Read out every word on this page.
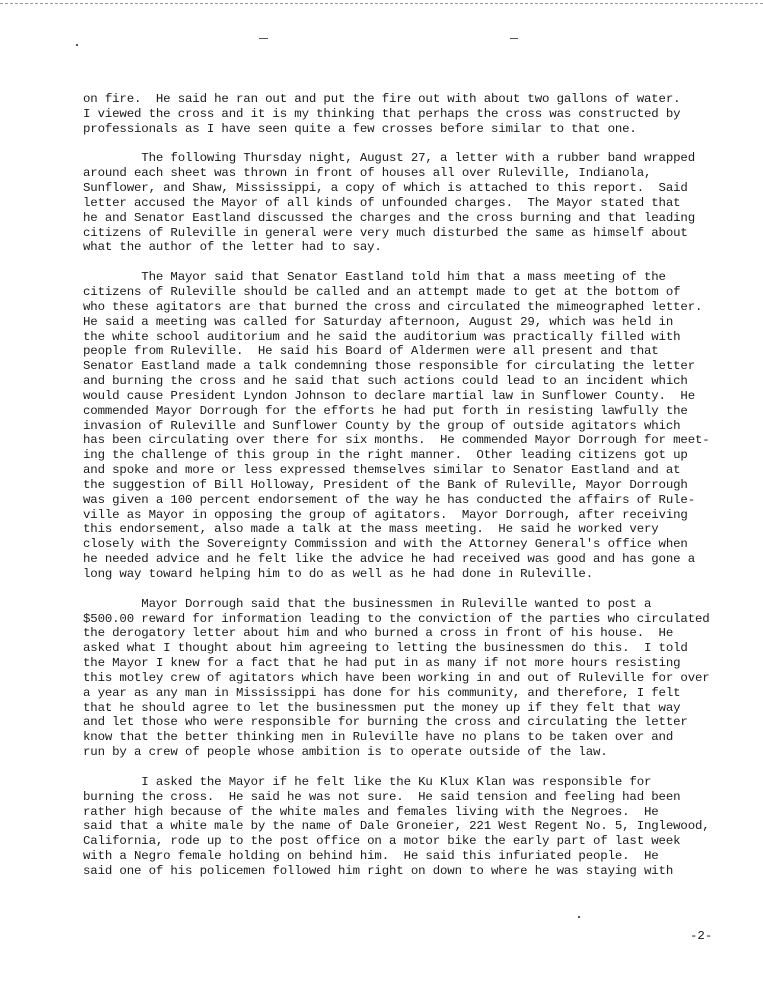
on fire.  He said he ran out and put the fire out with about two gallons of water.
I viewed the cross and it is my thinking that perhaps the cross was constructed by
professionals as I have seen quite a few crosses before similar to that one.
The following Thursday night, August 27, a letter with a rubber band wrapped
around each sheet was thrown in front of houses all over Ruleville, Indianola,
Sunflower, and Shaw, Mississippi, a copy of which is attached to this report.  Said
letter accused the Mayor of all kinds of unfounded charges.  The Mayor stated that
he and Senator Eastland discussed the charges and the cross burning and that leading
citizens of Ruleville in general were very much disturbed the same as himself about
what the author of the letter had to say.
The Mayor said that Senator Eastland told him that a mass meeting of the
citizens of Ruleville should be called and an attempt made to get at the bottom of
who these agitators are that burned the cross and circulated the mimeographed letter.
He said a meeting was called for Saturday afternoon, August 29, which was held in
the white school auditorium and he said the auditorium was practically filled with
people from Ruleville.  He said his Board of Aldermen were all present and that
Senator Eastland made a talk condemning those responsible for circulating the letter
and burning the cross and he said that such actions could lead to an incident which
would cause President Lyndon Johnson to declare martial law in Sunflower County.  He
commended Mayor Dorrough for the efforts he had put forth in resisting lawfully the
invasion of Ruleville and Sunflower County by the group of outside agitators which
has been circulating over there for six months.  He commended Mayor Dorrough for meet-
ing the challenge of this group in the right manner.  Other leading citizens got up
and spoke and more or less expressed themselves similar to Senator Eastland and at
the suggestion of Bill Holloway, President of the Bank of Ruleville, Mayor Dorrough
was given a 100 percent endorsement of the way he has conducted the affairs of Rule-
ville as Mayor in opposing the group of agitators.  Mayor Dorrough, after receiving
this endorsement, also made a talk at the mass meeting.  He said he worked very
closely with the Sovereignty Commission and with the Attorney General's office when
he needed advice and he felt like the advice he had received was good and has gone a
long way toward helping him to do as well as he had done in Ruleville.
Mayor Dorrough said that the businessmen in Ruleville wanted to post a
$500.00 reward for information leading to the conviction of the parties who circulated
the derogatory letter about him and who burned a cross in front of his house.  He
asked what I thought about him agreeing to letting the businessmen do this.  I told
the Mayor I knew for a fact that he had put in as many if not more hours resisting
this motley crew of agitators which have been working in and out of Ruleville for over
a year as any man in Mississippi has done for his community, and therefore, I felt
that he should agree to let the businessmen put the money up if they felt that way
and let those who were responsible for burning the cross and circulating the letter
know that the better thinking men in Ruleville have no plans to be taken over and
run by a crew of people whose ambition is to operate outside of the law.
I asked the Mayor if he felt like the Ku Klux Klan was responsible for
burning the cross.  He said he was not sure.  He said tension and feeling had been
rather high because of the white males and females living with the Negroes.  He
said that a white male by the name of Dale Groneier, 221 West Regent No. 5, Inglewood,
California, rode up to the post office on a motor bike the early part of last week
with a Negro female holding on behind him.  He said this infuriated people.  He
said one of his policemen followed him right on down to where he was staying with
-2-
